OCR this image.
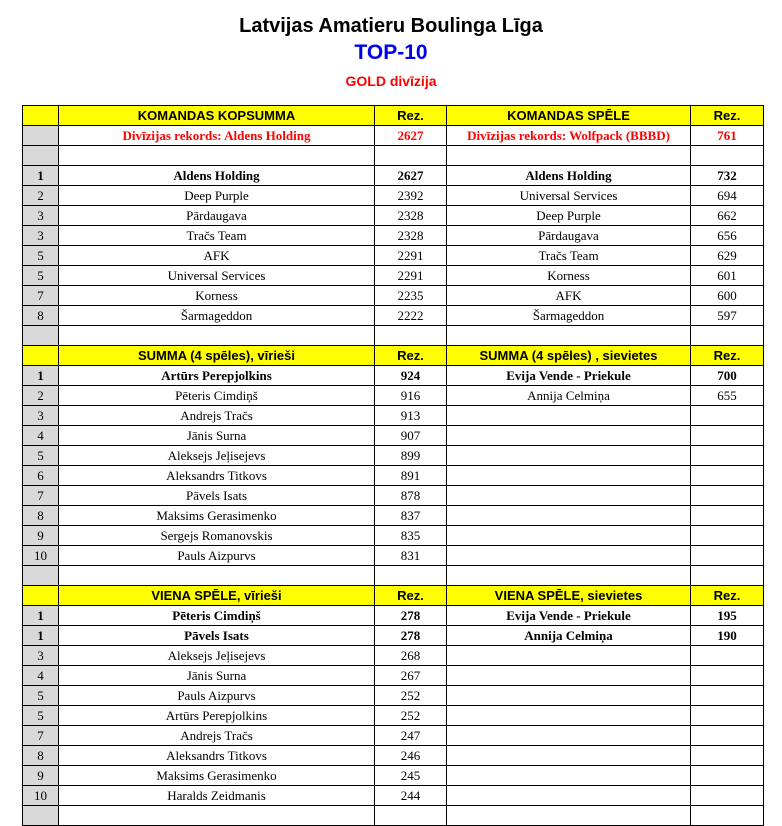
Latvijas Amatieru Boulinga Līga
TOP-10
GOLD divīzija
	KOMANDAS KOPSUMMA	Rez.	KOMANDAS SPĒLE	Rez.
	Divīzijas rekords: Aldens Holding	2627	Divīzijas rekords: Wolfpack (BBBD)	761

1	Aldens Holding	2627	Aldens Holding	732
2	Deep Purple	2392	Universal Services	694
3	Pārdaugava	2328	Deep Purple	662
3	Tračs Team	2328	Pārdaugava	656
5	AFK	2291	Tračs Team	629
5	Universal Services	2291	Korness	601
7	Korness	2235	AFK	600
8	Šarmageddon	2222	Šarmageddon	597

	SUMMA (4 spēles), vīrieši	Rez.	SUMMA (4 spēles) , sievietes	Rez.
1	Artūrs Perepjolkins	924	Evija Vende - Priekule	700
2	Pēteris Cimdiņš	916	Annija Celmiņa	655
3	Andrejs Tračs	913		
4	Jānis Surna	907		
5	Aleksejs Jeļisejevs	899		
6	Aleksandrs Titkovs	891		
7	Pāvels Isats	878		
8	Maksims Gerasimenko	837		
9	Sergejs Romanovskis	835		
10	Pauls Aizpurvs	831		

	VIENA SPĒLE, vīrieši	Rez.	VIENA SPĒLE, sievietes	Rez.
1	Pēteris Cimdiņš	278	Evija Vende - Priekule	195
1	Pāvels Isats	278	Annija Celmiņa	190
3	Aleksejs Jeļisejevs	268		
4	Jānis Surna	267		
5	Pauls Aizpurvs	252		
5	Artūrs Perepjolkins	252		
7	Andrejs Tračs	247		
8	Aleksandrs Titkovs	246		
9	Maksims Gerasimenko	245		
10	Haralds Zeidmanis	244		
